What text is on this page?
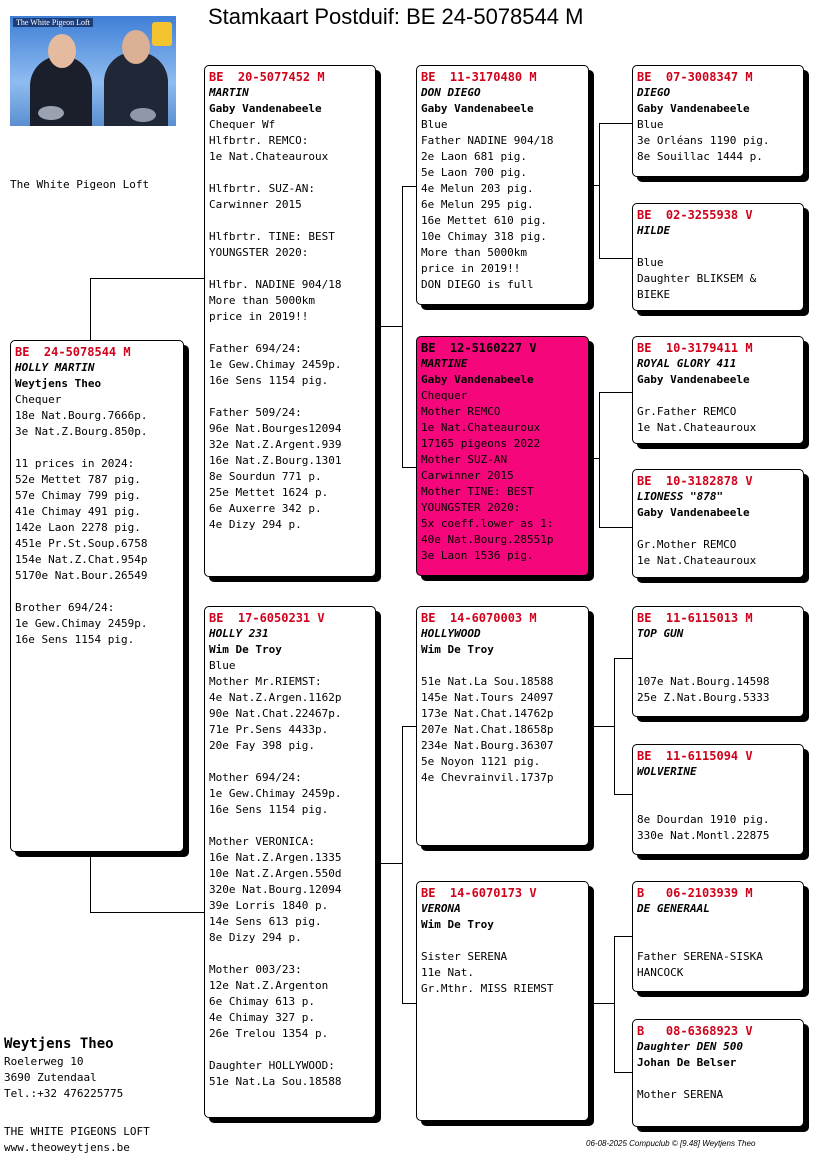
Stamkaart Postduif: BE 24-5078544 M
The White Pigeon Loft
The White Pigeon Loft
BE  24-5078544 M
HOLLY MARTIN
Weytjens Theo
Chequer
18e Nat.Bourg.7666p.
3e Nat.Z.Bourg.850p.
11 prices in 2024:
52e Mettet 787 pig.
57e Chimay 799 pig.
41e Chimay 491 pig.
142e Laon 2278 pig.
451e Pr.St.Soup.6758
154e Nat.Z.Chat.954p
5170e Nat.Bour.26549
Brother 694/24:
1e Gew.Chimay 2459p.
16e Sens 1154 pig.
BE  20-5077452 M
MARTIN
Gaby Vandenabeele
Chequer Wf
Hlfbrtr. REMCO:
1e Nat.Chateauroux
Hlfbrtr. SUZ-AN:
Carwinner 2015
Hlfbrtr. TINE: BEST
YOUNGSTER 2020:
Hlfbr. NADINE 904/18
More than 5000km
price in 2019!!
Father 694/24:
1e Gew.Chimay 2459p.
16e Sens 1154 pig.
Father 509/24:
96e Nat.Bourges12094
32e Nat.Z.Argent.939
16e Nat.Z.Bourg.1301
8e Sourdun 771 p.
25e Mettet 1624 p.
6e Auxerre 342 p.
4e Dizy 294 p.
BE  17-6050231 V
HOLLY 231
Wim De Troy
Blue
Mother Mr.RIEMST:
4e Nat.Z.Argen.1162p
90e Nat.Chat.22467p.
71e Pr.Sens 4433p.
20e Fay 398 pig.
Mother 694/24:
1e Gew.Chimay 2459p.
16e Sens 1154 pig.
Mother VERONICA:
16e Nat.Z.Argen.1335
10e Nat.Z.Argen.550d
320e Nat.Bourg.12094
39e Lorris 1840 p.
14e Sens 613 pig.
8e Dizy 294 p.
Mother 003/23:
12e Nat.Z.Argenton
6e Chimay 613 p.
4e Chimay 327 p.
26e Trelou 1354 p.
Daughter HOLLYWOOD:
51e Nat.La Sou.18588
BE  11-3170480 M
DON DIEGO
Gaby Vandenabeele
Blue
Father NADINE 904/18
2e Laon 681 pig.
5e Laon 700 pig.
4e Melun 203 pig.
6e Melun 295 pig.
16e Mettet 610 pig.
10e Chimay 318 pig.
More than 5000km
price in 2019!!
DON DIEGO is full
BE  12-5160227 V
MARTINE
Gaby Vandenabeele
Chequer
Mother REMCO
1e Nat.Chateauroux
17165 pigeons 2022
Mother SUZ-AN
Carwinner 2015
Mother TINE: BEST
YOUNGSTER 2020:
5x coeff.lower as 1:
40e Nat.Bourg.28551p
3e Laon 1536 pig.
BE  14-6070003 M
HOLLYWOOD
Wim De Troy
51e Nat.La Sou.18588
145e Nat.Tours 24097
173e Nat.Chat.14762p
207e Nat.Chat.18658p
234e Nat.Bourg.36307
5e Noyon 1121 pig.
4e Chevrainvil.1737p
BE  14-6070173 V
VERONA
Wim De Troy
Sister SERENA
11e Nat.
Gr.Mthr. MISS RIEMST
BE  07-3008347 M
DIEGO
Gaby Vandenabeele
Blue
3e Orléans 1190 pig.
8e Souillac 1444 p.
BE  02-3255938 V
HILDE
Blue
Daughter BLIKSEM &
BIEKE
BE  10-3179411 M
ROYAL GLORY 411
Gaby Vandenabeele
Gr.Father REMCO
1e Nat.Chateauroux
BE  10-3182878 V
LIONESS "878"
Gaby Vandenabeele
Gr.Mother REMCO
1e Nat.Chateauroux
BE  11-6115013 M
TOP GUN
107e Nat.Bourg.14598
25e Z.Nat.Bourg.5333
BE  11-6115094 V
WOLVERINE
8e Dourdan 1910 pig.
330e Nat.Montl.22875
B   06-2103939 M
DE GENERAAL
Father SERENA-SISKA
HANCOCK
B   08-6368923 V
Daughter DEN 500
Johan De Belser
Mother SERENA
Weytjens Theo
Roelerweg 10
3690 Zutendaal
Tel.:+32 476225775
THE WHITE PIGEONS LOFT
www.theoweytjens.be	06-08-2025 Compuclub © [9.48] Weytjens Theo
